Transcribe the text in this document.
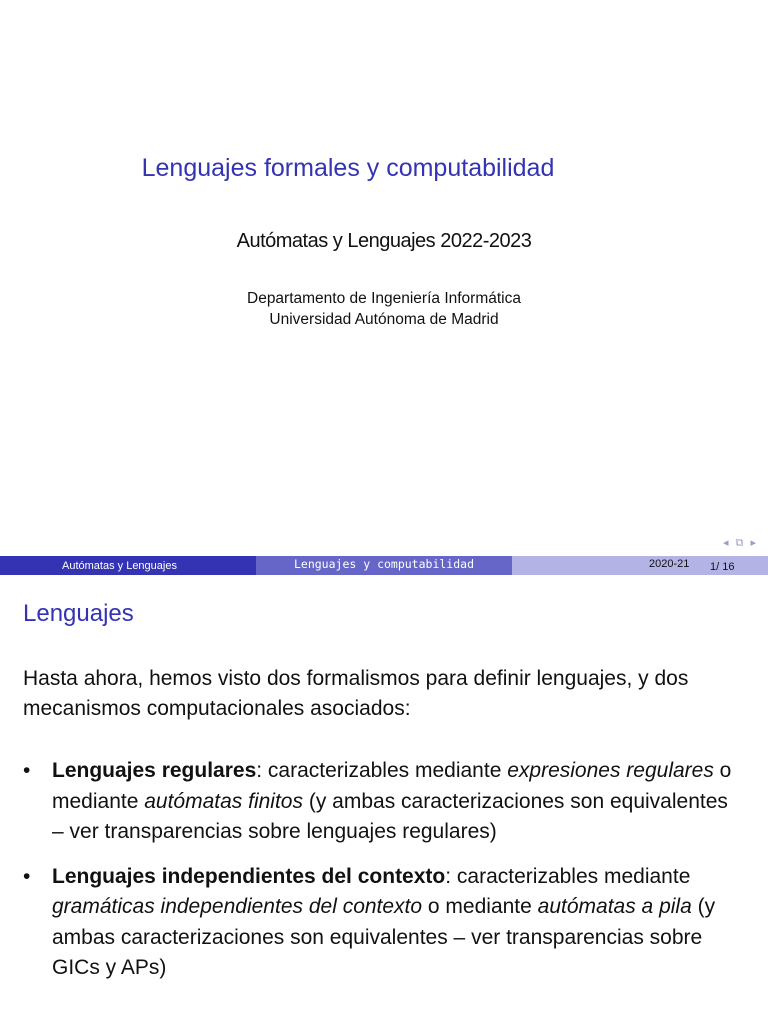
Lenguajes formales y computabilidad
Autómatas y Lenguajes 2022-2023
Departamento de Ingeniería Informática
Universidad Autónoma de Madrid
◂ ⧉ ▸
Autómatas y Lenguajes	Lenguajes y computabilidad	2020-21 1/ 16
Lenguajes
Hasta ahora, hemos visto dos formalismos para definir lenguajes, y dos mecanismos computacionales asociados:
•	Lenguajes regulares: caracterizables mediante expresiones regulares o mediante autómatas finitos (y ambas caracterizaciones son equivalentes – ver transparencias sobre lenguajes regulares)
•	Lenguajes independientes del contexto: caracterizables mediante gramáticas independientes del contexto o mediante autómatas a pila (y ambas caracterizaciones son equivalentes – ver transparencias sobre GICs y APs)
